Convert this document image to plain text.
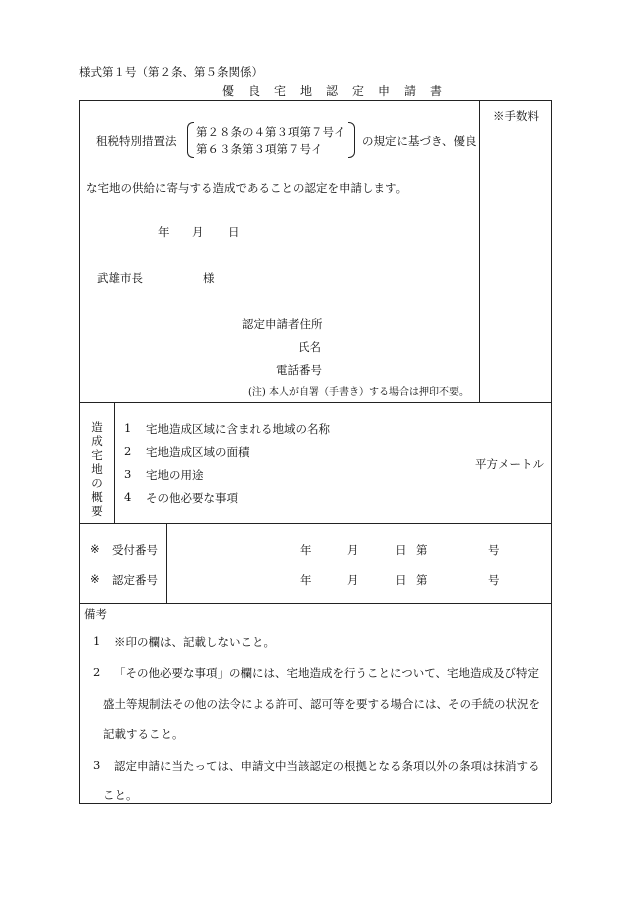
様式第１号（第２条、第５条関係）
優良宅地認定申請書
※手数料
租税特別措置法
第２８条の４第３項第７号イ
第６３条第３項第７号イ
の規定に基づき、優良
な宅地の供給に寄与する造成であることの認定を申請します。
年 月 日
武雄市長	様
認定申請者住所
氏名
電話番号
(注) 本人が自署（手書き）する場合は押印不要。
造
成
宅
地
の
概
要
1 宅地造成区域に含まれる地域の名称
2 宅地造成区域の面積
3 宅地の用途
4 その他必要な事項
平方メートル
※ 受付番号	年	月	日 第	号
※ 認定番号	年	月	日 第	号
備考
1 ※印の欄は、記載しないこと。
2 「その他必要な事項」の欄には、宅地造成を行うことについて、宅地造成及び特定
盛土等規制法その他の法令による許可、認可等を要する場合には、その手続の状況を
記載すること。
3 認定申請に当たっては、申請文中当該認定の根拠となる条項以外の条項は抹消する
こと。
